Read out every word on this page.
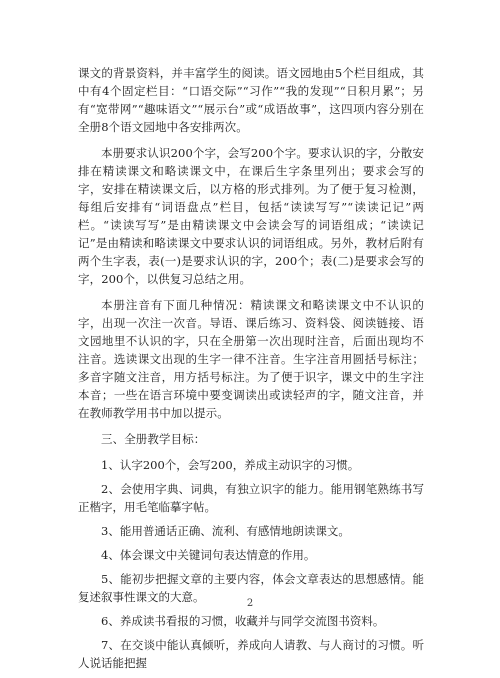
课文的背景资料，并丰富学生的阅读。语文园地由5个栏目组成，其中有4个固定栏目：“口语交际”“习作”“我的发现”“日积月累”；另有“宽带网”“趣味语文”“展示台”或“成语故事”，这四项内容分别在全册8个语文园地中各安排两次。

本册要求认识200个字，会写200个字。要求认识的字，分散安排在精读课文和略读课文中，在课后生字条里列出；要求会写的字，安排在精读课文后，以方格的形式排列。为了便于复习检测，每组后安排有“词语盘点”栏目，包括“读读写写”“读读记记”两栏。“读读写写”是由精读课文中会读会写的词语组成；“读读记记”是由精读和略读课文中要求认识的词语组成。另外，教材后附有两个生字表，表(一)是要求认识的字，200个；表(二)是要求会写的字，200个，以供复习总结之用。

本册注音有下面几种情况：精读课文和略读课文中不认识的字，出现一次注一次音。导语、课后练习、资料袋、阅读链接、语文园地里不认识的字，只在全册第一次出现时注音，后面出现均不注音。选读课文出现的生字一律不注音。生字注音用圆括号标注；多音字随文注音，用方括号标注。为了便于识字，课文中的生字注本音；一些在语言环境中要变调读出或读轻声的字，随文注音，并在教师教学用书中加以提示。

三、全册教学目标：

1、认字200个，会写200，养成主动识字的习惯。

2、会使用字典、词典，有独立识字的能力。能用钢笔熟练书写正楷字，用毛笔临摹字帖。

3、能用普通话正确、流利、有感情地朗读课文。

4、体会课文中关键词句表达情意的作用。

5、能初步把握文章的主要内容，体会文章表达的思想感情。能复述叙事性课文的大意。

6、养成读书看报的习惯，收藏并与同学交流图书资料。

7、在交谈中能认真倾听，养成向人请教、与人商讨的习惯。听人说话能把握

2
